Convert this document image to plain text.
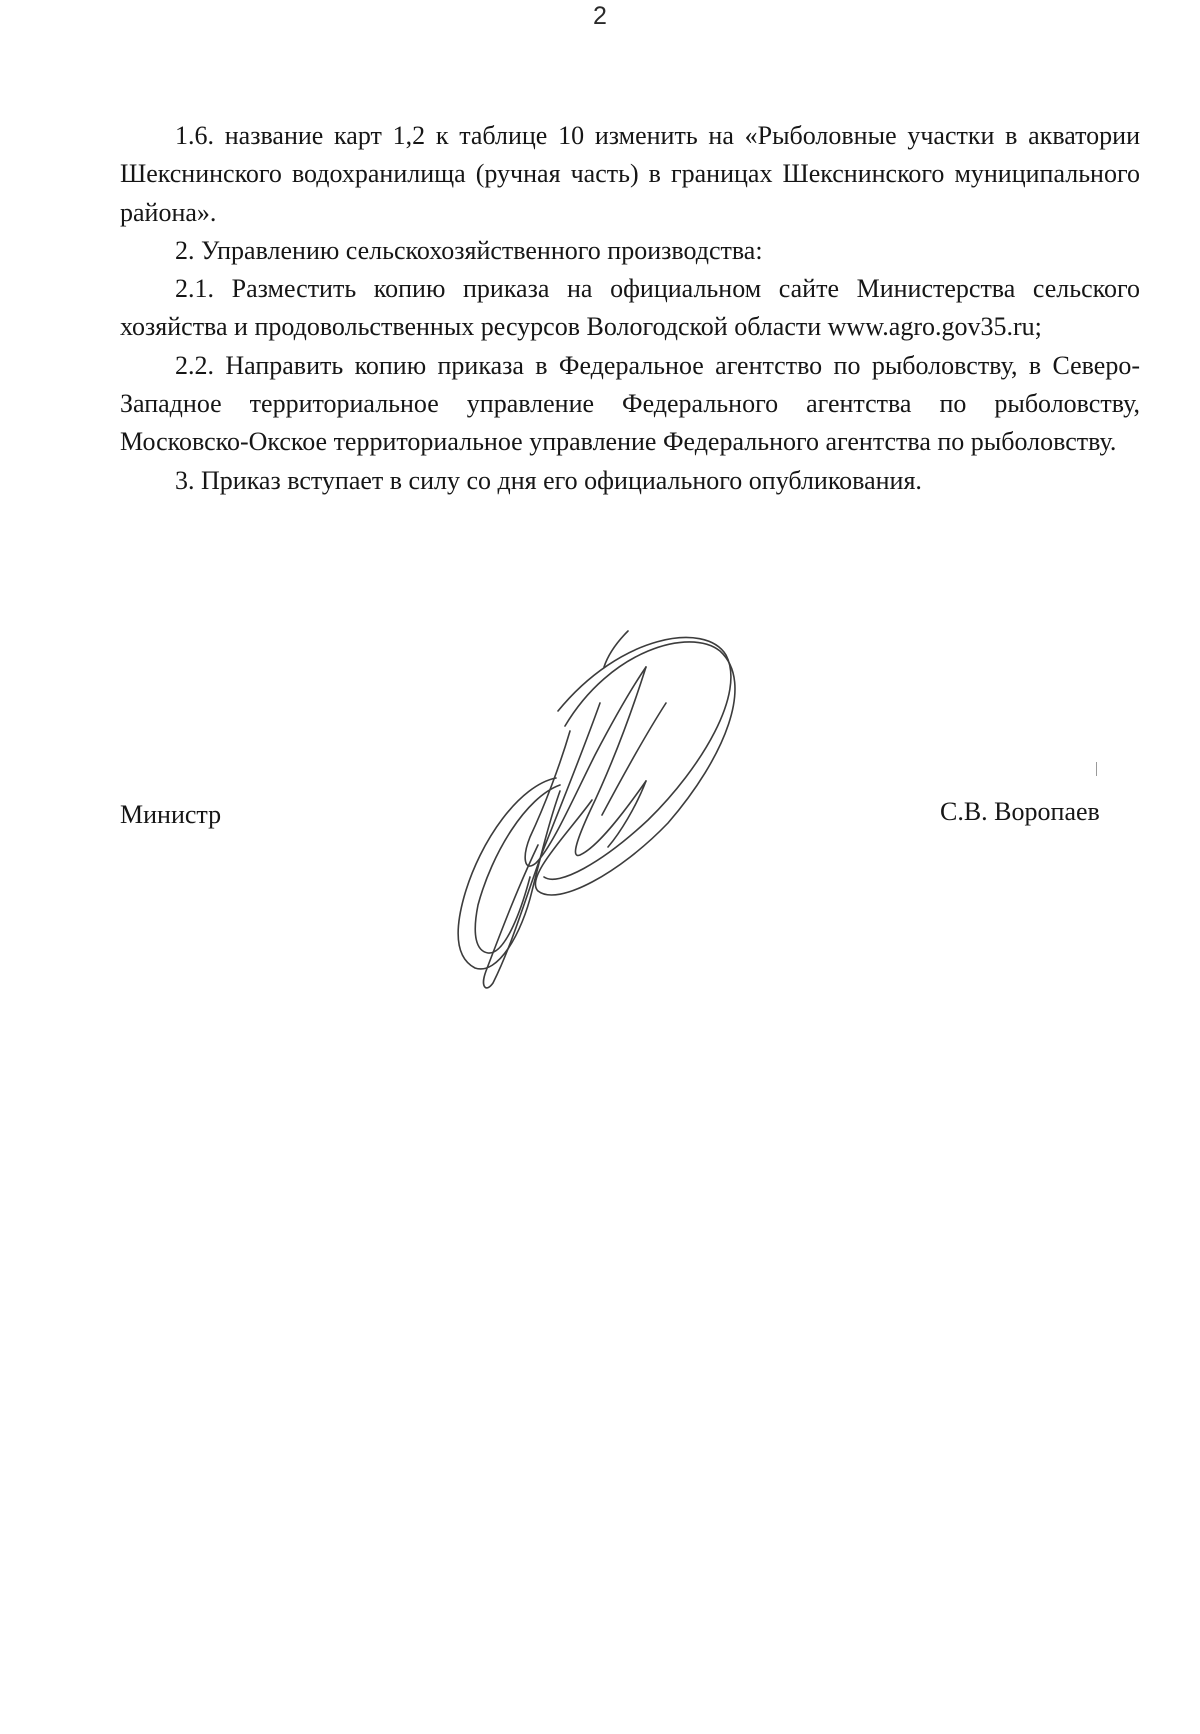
2

1.6. название карт 1,2 к таблице 10 изменить на «Рыболовные участки в акватории Шекснинского водохранилища (ручная часть) в границах Шекснинского муниципального района».

2. Управлению сельскохозяйственного производства:

2.1. Разместить копию приказа на официальном сайте Министерства сельского хозяйства и продовольственных ресурсов Вологодской области www.agro.gov35.ru;

2.2. Направить копию приказа в Федеральное агентство по рыболовству, в Северо-Западное территориальное управление Федерального агентства по рыболовству, Московско-Окское территориальное управление Федерального агентства по рыболовству.

3. Приказ вступает в силу со дня его официального опубликования.

Министр	С.В. Воропаев
